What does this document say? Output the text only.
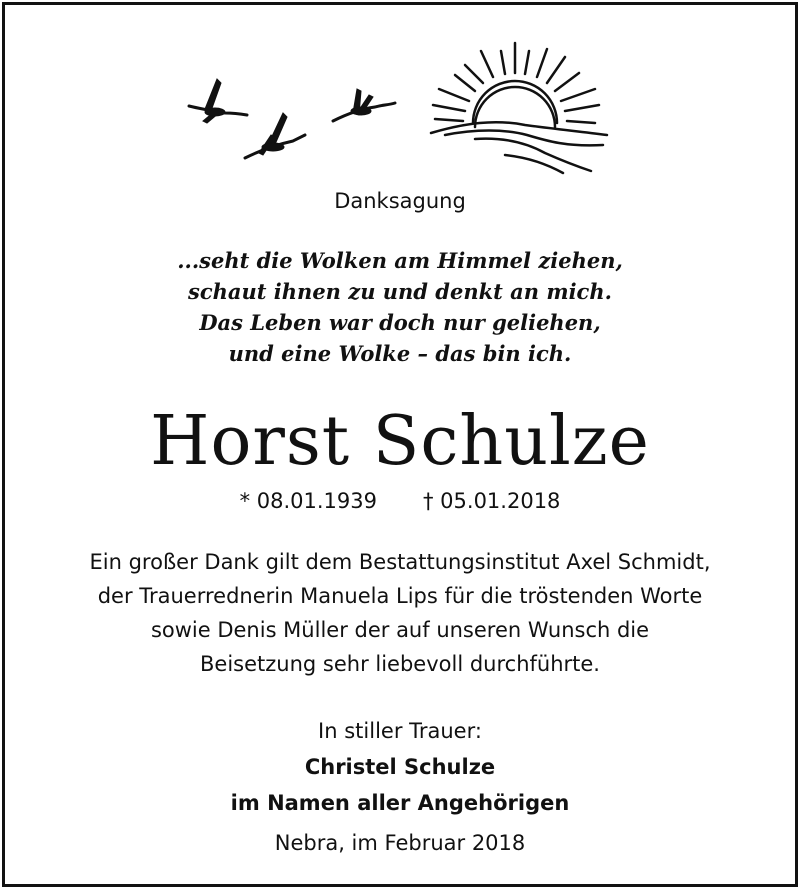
Danksagung
...seht die Wolken am Himmel ziehen,
schaut ihnen zu und denkt an mich.
Das Leben war doch nur geliehen,
und eine Wolke – das bin ich.
Horst Schulze
* 08.01.1939 † 05.01.2018
Ein großer Dank gilt dem Bestattungsinstitut Axel Schmidt,
der Trauerrednerin Manuela Lips für die tröstenden Worte
sowie Denis Müller der auf unseren Wunsch die
Beisetzung sehr liebevoll durchführte.
In stiller Trauer:
Christel Schulze
im Namen aller Angehörigen
Nebra, im Februar 2018
